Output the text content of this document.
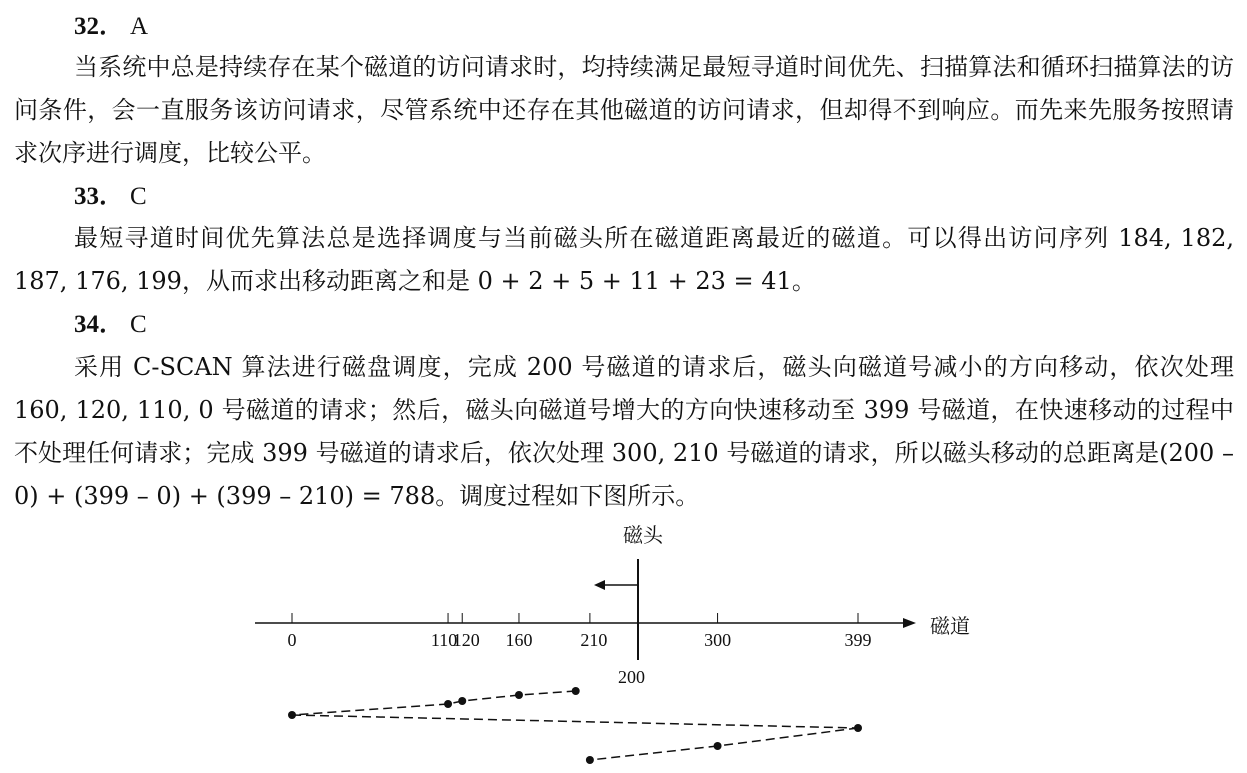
32． A
当系统中总是持续存在某个磁道的访问请求时，均持续满足最短寻道时间优先、扫描算法和循环扫描算法的访问条件，会一直服务该访问请求，尽管系统中还存在其他磁道的访问请求，但却得不到响应。而先来先服务按照请求次序进行调度，比较公平。
33． C
最短寻道时间优先算法总是选择调度与当前磁头所在磁道距离最近的磁道。可以得出访问序列 184, 182, 187, 176, 199，从而求出移动距离之和是 0 + 2 + 5 + 11 + 23 = 41。
34． C
采用 C-SCAN 算法进行磁盘调度，完成 200 号磁道的请求后，磁头向磁道号减小的方向移动，依次处理 160, 120, 110, 0 号磁道的请求；然后，磁头向磁道号增大的方向快速移动至 399 号磁道，在快速移动的过程中不处理任何请求；完成 399 号磁道的请求后，依次处理 300, 210 号磁道的请求，所以磁头移动的总距离是(200 – 0) + (399 – 0) + (399 – 210) = 788。调度过程如下图所示。
磁头
磁道
0	110
120 160	210	300	399
200
